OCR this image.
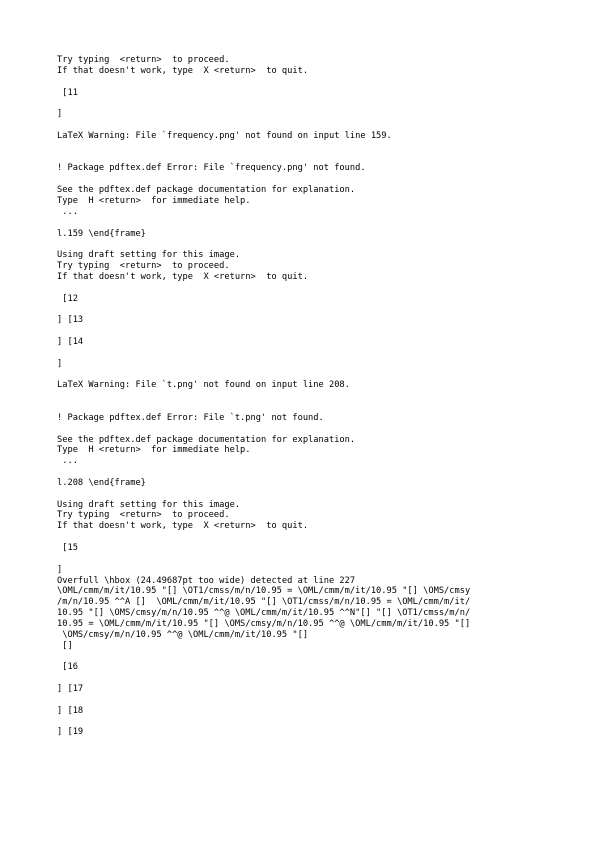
Try typing  <return>  to proceed.
If that doesn't work, type  X <return>  to quit.
[11
]
LaTeX Warning: File `frequency.png' not found on input line 159.
! Package pdftex.def Error: File `frequency.png' not found.
See the pdftex.def package documentation for explanation.
Type  H <return>  for immediate help.
...
l.159 \end{frame}
Using draft setting for this image.
Try typing  <return>  to proceed.
If that doesn't work, type  X <return>  to quit.
[12
] [13
] [14
]
LaTeX Warning: File `t.png' not found on input line 208.
! Package pdftex.def Error: File `t.png' not found.
See the pdftex.def package documentation for explanation.
Type  H <return>  for immediate help.
...
l.208 \end{frame}
Using draft setting for this image.
Try typing  <return>  to proceed.
If that doesn't work, type  X <return>  to quit.
[15
]
Overfull \hbox (24.49687pt too wide) detected at line 227
\OML/cmm/m/it/10.95 "[] \OT1/cmss/m/n/10.95 = \OML/cmm/m/it/10.95 "[] \OMS/cmsy
/m/n/10.95 ^^A []  \OML/cmm/m/it/10.95 "[] \OT1/cmss/m/n/10.95 = \OML/cmm/m/it/
10.95 "[] \OMS/cmsy/m/n/10.95 ^^@ \OML/cmm/m/it/10.95 ^^N"[] "[] \OT1/cmss/m/n/
10.95 = \OML/cmm/m/it/10.95 "[] \OMS/cmsy/m/n/10.95 ^^@ \OML/cmm/m/it/10.95 "[]
\OMS/cmsy/m/n/10.95 ^^@ \OML/cmm/m/it/10.95 "[]
[]
[16
] [17
] [18
] [19
